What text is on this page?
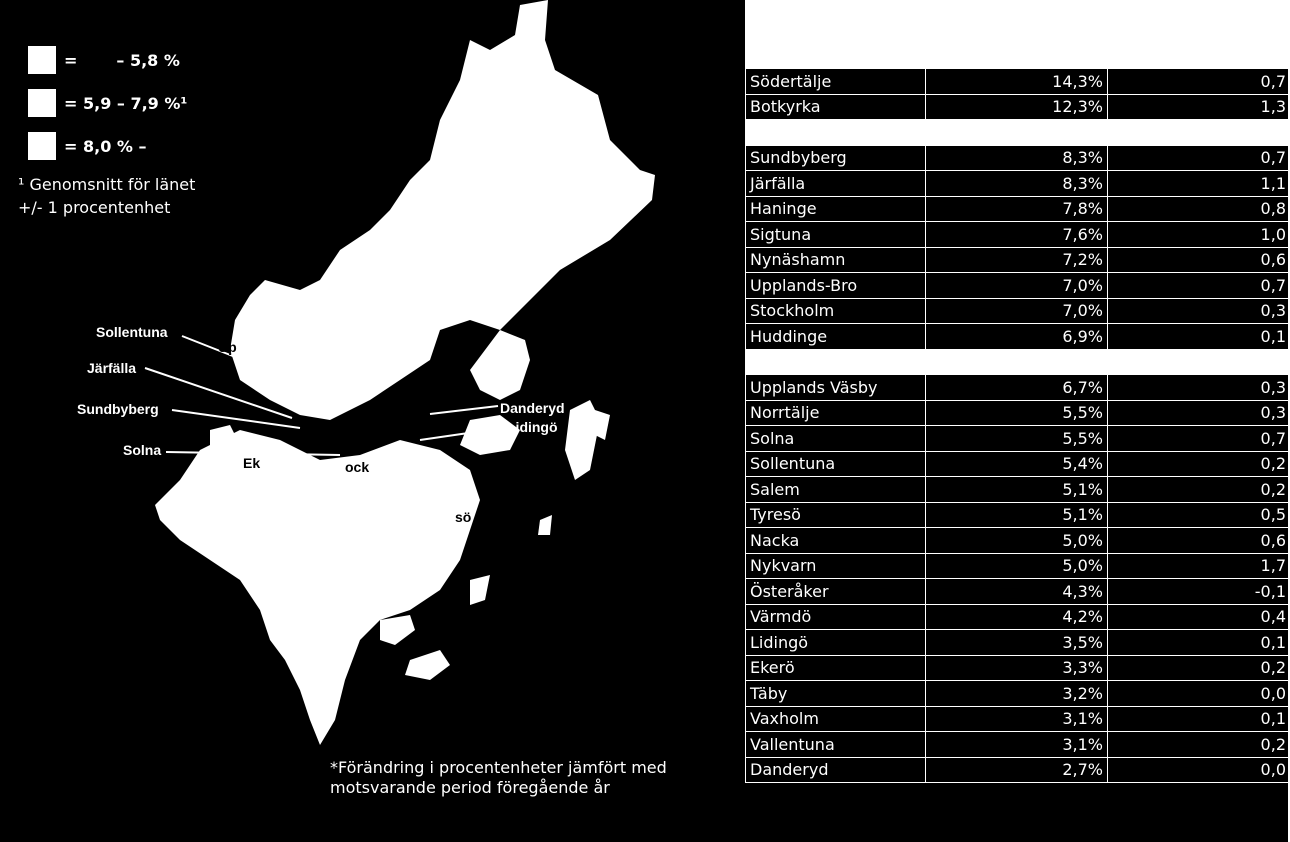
Sollentuna
Järfälla
Sundbyberg
Solna
Danderyd
Lidingö
Up
holm
Ek	ock
sö
ö
er
=       – 5,8 %
= 5,9 – 7,9 %¹
= 8,0 % –
¹ Genomsnitt för länet
+/- 1 procentenhet
*Förändring i procentenheter jämfört med
motsvarande period föregående år
Södertälje	14,3%	0,7
Botkyrka	12,3%	1,3

Sundbyberg	8,3%	0,7
Järfälla	8,3%	1,1
Haninge	7,8%	0,8
Sigtuna	7,6%	1,0
Nynäshamn	7,2%	0,6
Upplands-Bro	7,0%	0,7
Stockholm	7,0%	0,3
Huddinge	6,9%	0,1

Upplands Väsby	6,7%	0,3
Norrtälje	5,5%	0,3
Solna	5,5%	0,7
Sollentuna	5,4%	0,2
Salem	5,1%	0,2
Tyresö	5,1%	0,5
Nacka	5,0%	0,6
Nykvarn	5,0%	1,7
Österåker	4,3%	-0,1
Värmdö	4,2%	0,4
Lidingö	3,5%	0,1
Ekerö	3,3%	0,2
Täby	3,2%	0,0
Vaxholm	3,1%	0,1
Vallentuna	3,1%	0,2
Danderyd	2,7%	0,0
